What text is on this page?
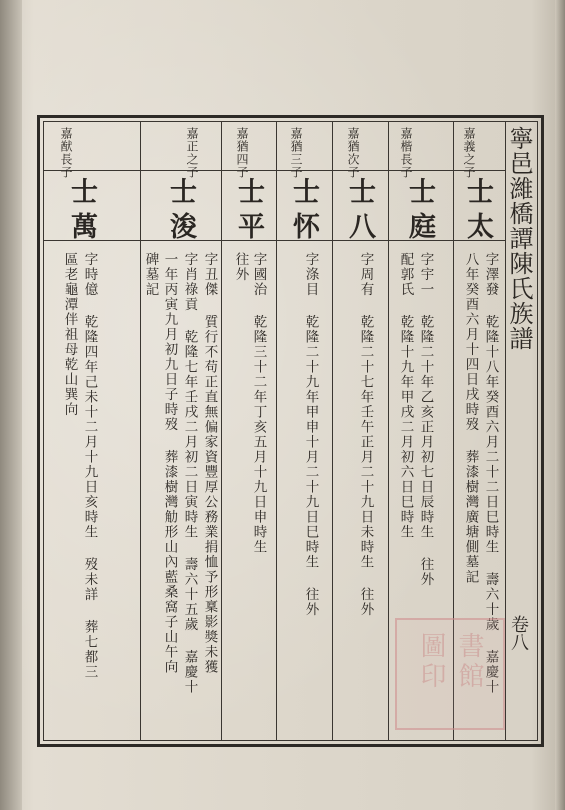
寧邑濰橋譚陳氏族譜
卷八
嘉義之子
士太
字澤發 乾隆十八年癸酉六月二十二日巳時生 壽六十歲 嘉慶十
八年癸酉六月十四日戌時歿 葬漆樹灣廣塘側墓記
嘉楷長子
士庭
字宇一 乾隆二十年乙亥正月初七日辰時生 往外
配郭氏 乾隆十九年甲戌二月初六日巳時生
嘉猶次子
士八
字周有 乾隆二十七年壬午正月二十九日未時生 往外
嘉猶三子
士怀
字涤目 乾隆二十九年甲申十月二十九日巳時生 往外
嘉猶四子
士平
字國治 乾隆三十二年丁亥五月十九日申時生
往外
嘉正之子
士浚
字丑傑 質行不苟正直無偏家資豐厚公務業捐恤予形稟影獎未獲
字肖祿貢 乾隆七年壬戌二月初二日寅時生 壽六十五歲 嘉慶十
一年丙寅九月初九日子時歿 葬漆樹灣觔形山內藍桑窩子山午向
碑墓記
嘉猷長子
士萬
字時億 乾隆四年己未十二月十九日亥時生 歿未詳 葬七都三
區老龜潭伴祖母乾山巽向
圖印 書館
